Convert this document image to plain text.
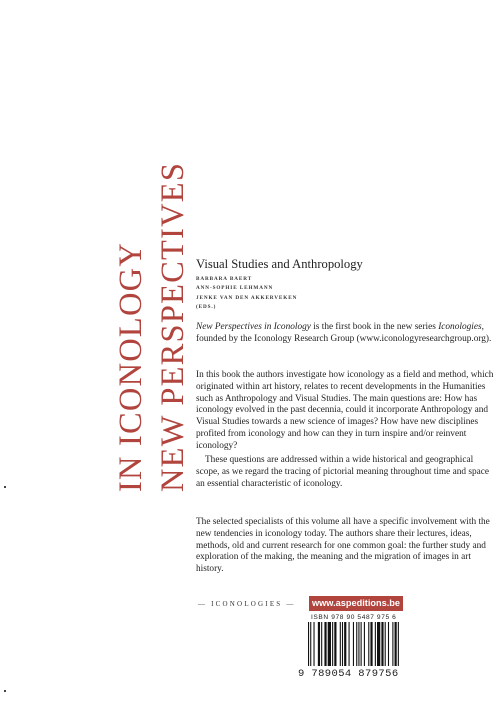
NEW PERSPECTIVES
IN ICONOLOGY	Visual Studies and Anthropology
BARBARA BAERT
ANN-SOPHIE LEHMANN
JENKE VAN DEN AKKERVEKEN
(EDS.)

New Perspectives in Iconology is the first book in the new series Iconologies, founded by the Iconology Research Group (www.iconologyresearchgroup.org).

In this book the authors investigate how iconology as a field and method, which originated within art history, relates to recent developments in the Humanities such as Anthropology and Visual Studies. The main questions are: How has iconology evolved in the past decennia, could it incorporate Anthropology and Visual Studies towards a new science of images? How have new disciplines profited from iconology and how can they in turn inspire and/or reinvent iconology?

These questions are addressed within a wide historical and geographical scope, as we regard the tracing of pictorial meaning throughout time and space an essential characteristic of iconology.

The selected specialists of this volume all have a specific involvement with the new tendencies in iconology today. The authors share their lectures, ideas, methods, old and current research for one common goal: the further study and exploration of the making, the meaning and the migration of images in art history.

— ICONOLOGIES —	www.aspeditions.be
ISBN 978 90 5487 975 6
9 789054 879756
